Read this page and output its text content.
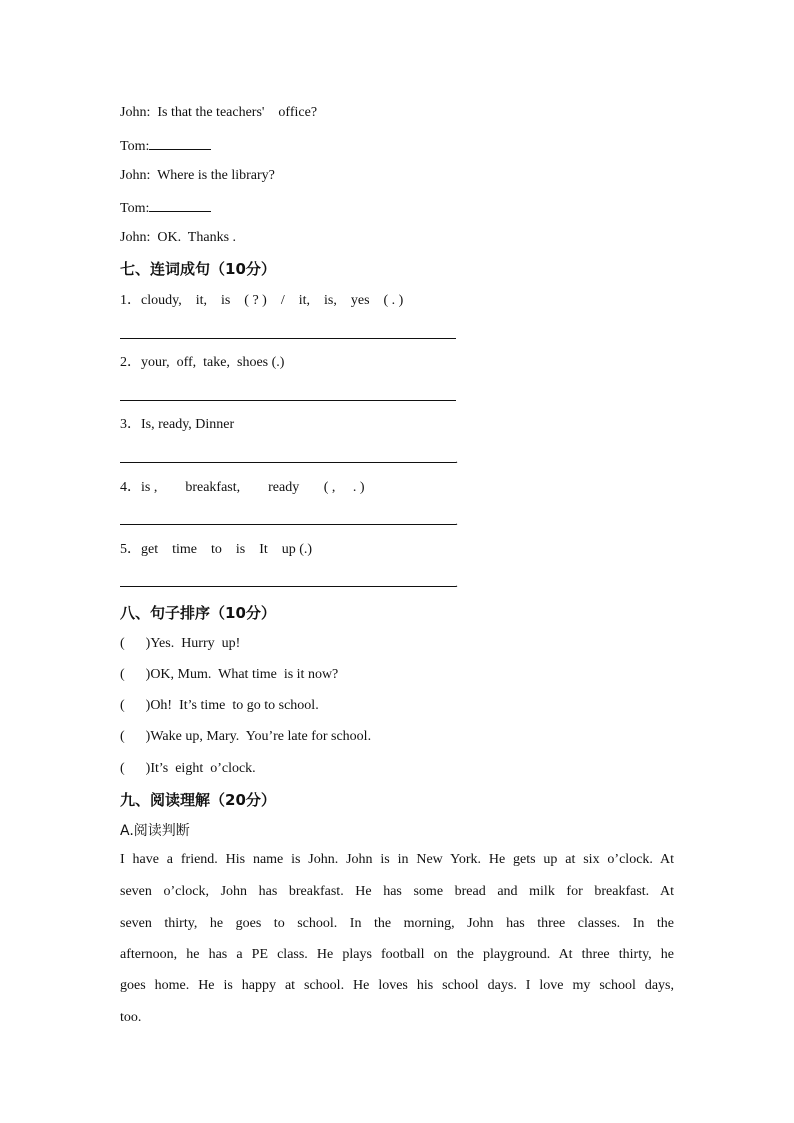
John: Is that the teachers'    office?
Tom:
John: Where is the library?
Tom:
John: OK.  Thanks .
七、连词成句（10分）
1．cloudy,    it,    is    ( ? )    /    it,    is,    yes    ( . )
2．your,  off,  take,  shoes (.)
3．Is, ready, Dinner
.
4．is ,        breakfast,        ready       ( ,     . )
.
5．get    time    to    is    It    up (.)
.
八、句子排序（10分）
(      )Yes.  Hurry  up!
(      )OK, Mum.  What time  is it now?
(      )Oh!  It’s time  to go to school.
(      )Wake up, Mary.  You’re late for school.
(      )It’s  eight  o’clock.
九、阅读理解（20分）
A.阅读判断
I have a friend. His name is John. John is in New York. He gets up at six o’clock. At
seven o’clock, John has breakfast. He has some bread and milk for breakfast. At
seven thirty, he goes to school. In the morning, John has three classes. In the
afternoon, he has a PE class. He plays football on the playground. At three thirty, he
goes home. He is happy at school. He loves his school days. I love my school days,
too.
